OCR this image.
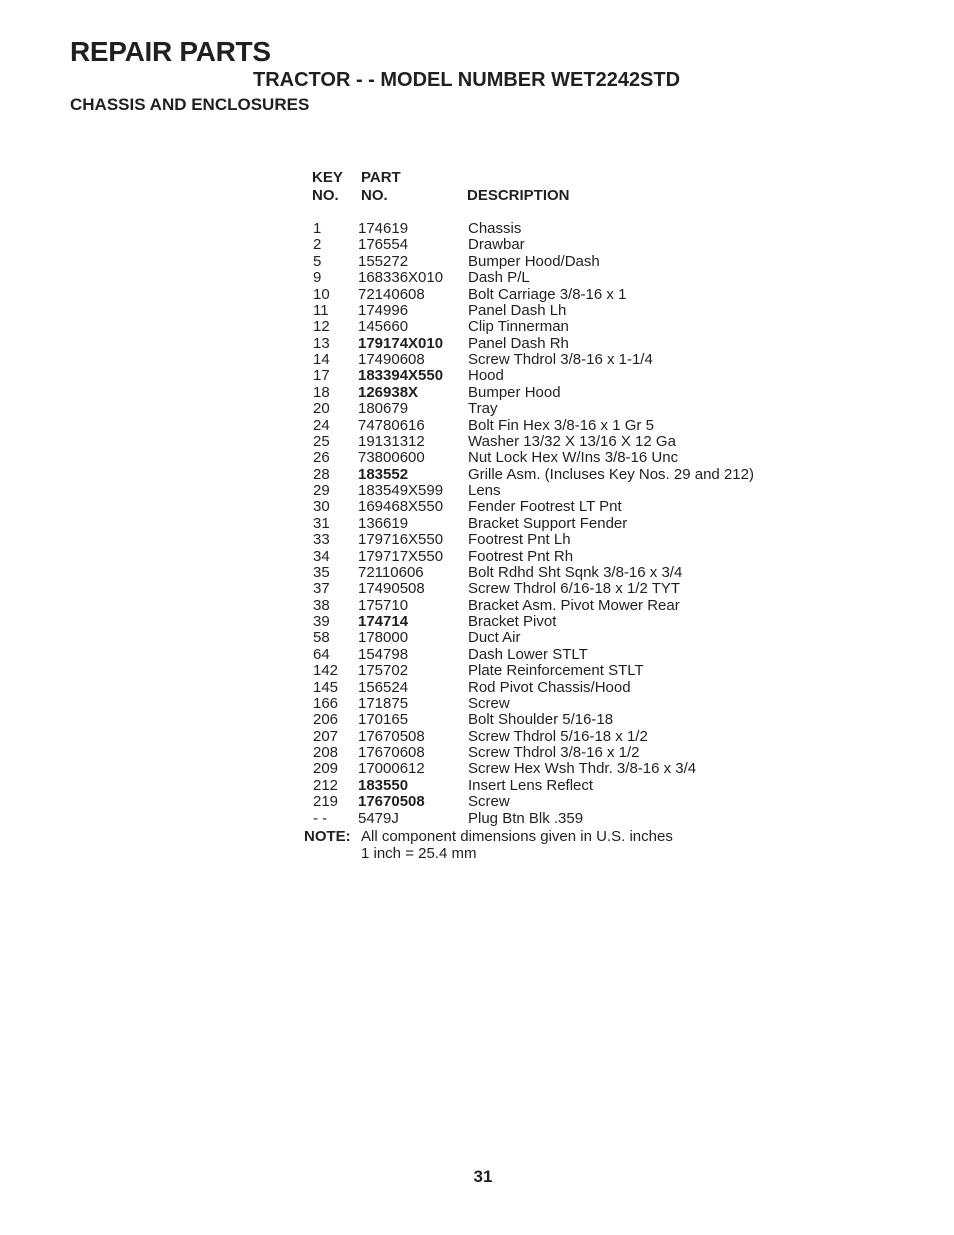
REPAIR PARTS
TRACTOR - - MODEL NUMBER WET2242STD
CHASSIS AND ENCLOSURES
KEY
NO.
PART
NO.	DESCRIPTION
1 174619	Chassis
2 176554	Drawbar
5 155272	Bumper Hood/Dash
9 168336X010 Dash P/L
10 72140608	Bolt Carriage 3/8-16 x 1
11 174996	Panel Dash Lh
12 145660	Clip Tinnerman
13 179174X010 Panel Dash Rh
14 17490608	Screw Thdrol 3/8-16 x 1-1/4
17 183394X550 Hood
18 126938X	Bumper Hood
20 180679	Tray
24 74780616	Bolt Fin Hex 3/8-16 x 1 Gr 5
25 19131312	Washer 13/32 X 13/16 X 12 Ga
26 73800600	Nut Lock Hex W/Ins 3/8-16 Unc
28 183552	Grille Asm. (Incluses Key Nos. 29 and 212)
29 183549X599 Lens
30 169468X550 Fender Footrest LT Pnt
31 136619	Bracket Support Fender
33 179716X550 Footrest Pnt Lh
34 179717X550 Footrest Pnt Rh
35 72110606	Bolt Rdhd Sht Sqnk 3/8-16 x 3/4
37 17490508	Screw Thdrol 6/16-18 x 1/2 TYT
38 175710	Bracket Asm. Pivot Mower Rear
39 174714	Bracket Pivot
58 178000	Duct Air
64 154798	Dash Lower STLT
142 175702	Plate Reinforcement STLT
145 156524	Rod Pivot Chassis/Hood
166 171875	Screw
206 170165	Bolt Shoulder 5/16-18
207 17670508	Screw Thdrol 5/16-18 x 1/2
208 17670608	Screw Thdrol 3/8-16 x 1/2
209 17000612	Screw Hex Wsh Thdr. 3/8-16 x 3/4
212 183550	Insert Lens Reflect
219 17670508	Screw
- - 5479J	Plug Btn Blk .359
NOTE: All component dimensions given in U.S. inches
1 inch = 25.4 mm
31
